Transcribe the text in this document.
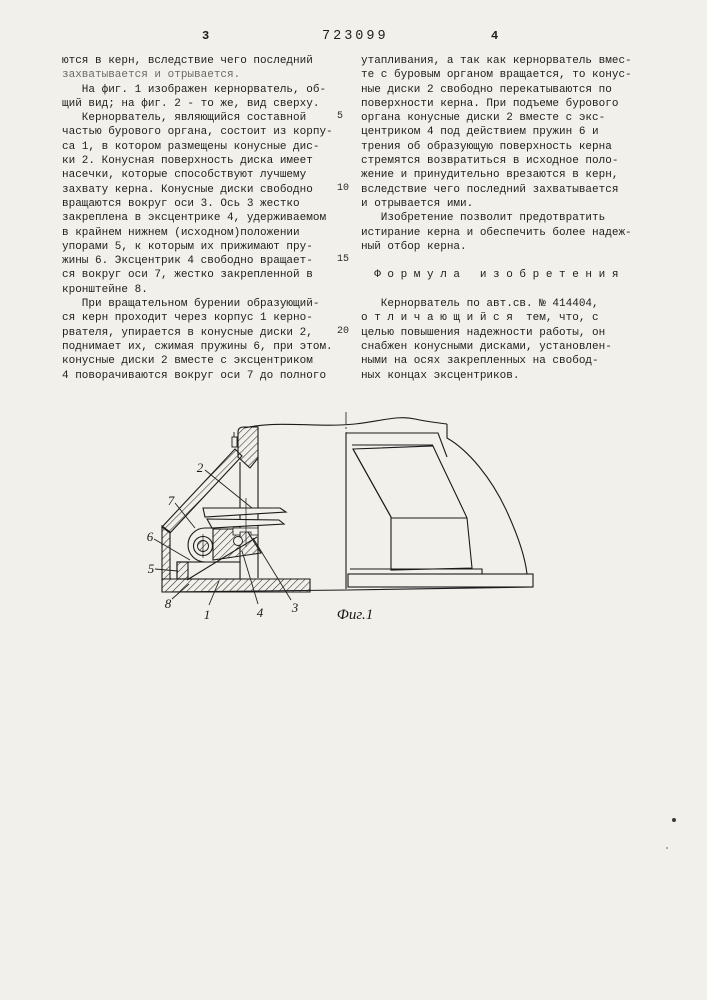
3	723099	4
ются в керн, вследствие чего последний
захватывается и отрывается.
На фиг. 1 изображен кернорватель, об-
щий вид; на фиг. 2 - то же, вид сверху.
Кернорватель, являющийся составной
частью бурового органа, состоит из корпу-
са 1, в котором размещены конусные дис-
ки 2. Конусная поверхность диска имеет
насечки, которые способствуют лучшему
захвату керна. Конусные диски свободно
вращаются вокруг оси 3. Ось 3 жестко
закреплена в эксцентрике 4, удерживаемом
в крайнем нижнем (исходном)положении
упорами 5, к которым их прижимают пру-
жины 6. Эксцентрик 4 свободно вращает-
ся вокруг оси 7, жестко закрепленной в
кронштейне 8.
При вращательном бурении образующий-
ся керн проходит через корпус 1 керно-
рвателя, упирается в конусные диски 2,
поднимает их, сжимая пружины 6, при этом.
конусные диски 2 вместе с эксцентриком
4 поворачиваются вокруг оси 7 до полного
утапливания, а так как кернорватель вмес-
те с буровым органом вращается, то конус-
ные диски 2 свободно перекатываются по
поверхности керна. При подъеме бурового
органа конусные диски 2 вместе с экс-
центриком 4 под действием пружин 6 и
трения об образующую поверхность керна
стремятся возвратиться в исходное поло-
жение и принудительно врезаются в керн,
вследствие чего последний захватывается
и отрывается ими.
Изобретение позволит предотвратить
истирание керна и обеспечить более надеж-
ный отбор керна.
Ф о р м у л а   и з о б р е т е н и я
Кернорватель по авт.св. № 414404,
о т л и ч а ю щ и й с я  тем, что, с
целью повышения надежности работы, он
снабжен конусными дисками, установлен-
ными на осях закрепленных на свобод-
ных концах эксцентриков.
5
10
15
20
2
7
6
5
8
1	4 3	Фиг.1
